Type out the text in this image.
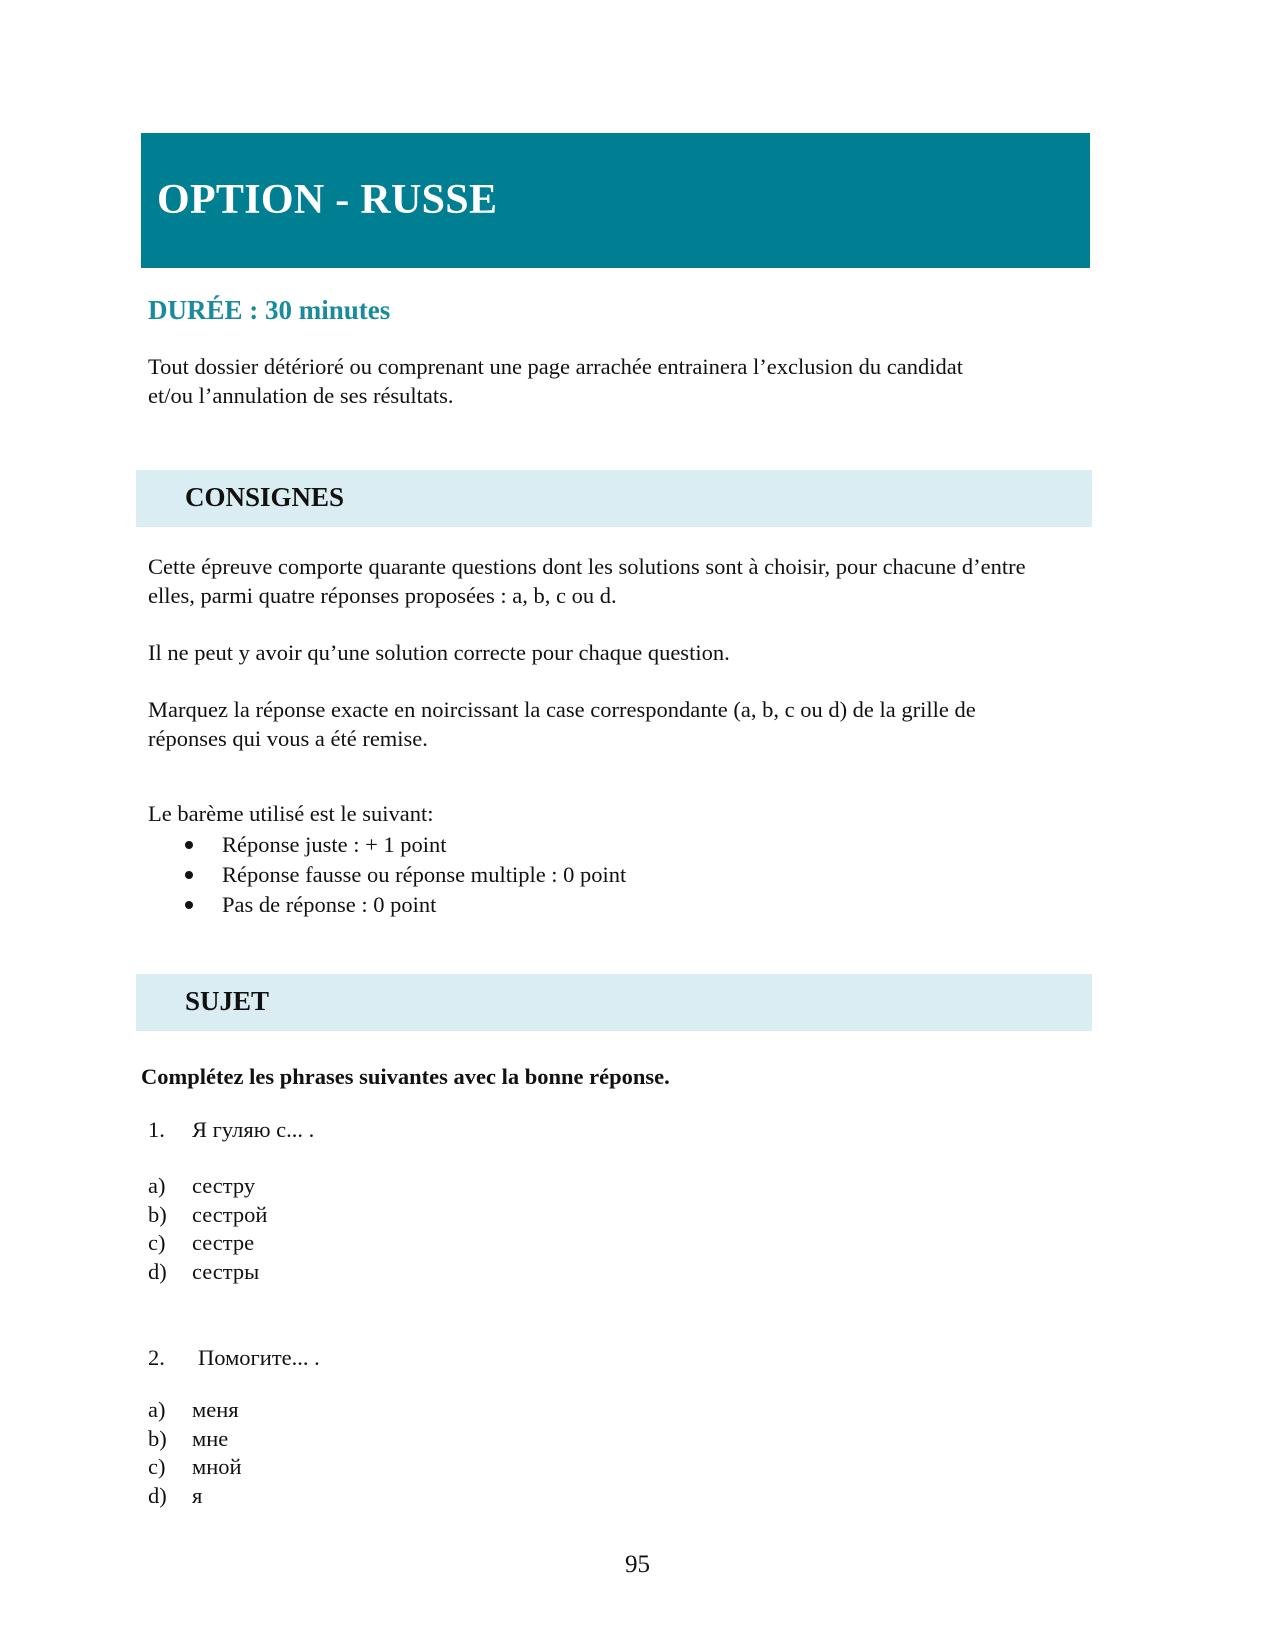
OPTION - RUSSE

DURÉE : 30 minutes

Tout dossier détérioré ou comprenant une page arrachée entrainera l’exclusion du candidat

et/ou l’annulation de ses résultats.

CONSIGNES

Cette épreuve comporte quarante questions dont les solutions sont à choisir, pour chacune d’entre

elles, parmi quatre réponses proposées : a, b, c ou d.

Il ne peut y avoir qu’une solution correcte pour chaque question.

Marquez la réponse exacte en noircissant la case correspondante (a, b, c ou d) de la grille de

réponses qui vous a été remise.

Le barème utilisé est le suivant:

Réponse juste : + 1 point
Réponse fausse ou réponse multiple : 0 point
Pas de réponse : 0 point
SUJET

Complétez les phrases suivantes avec la bonne réponse.

1. Я гуляю с... .
a) сестру
b) сестрой
c) сестре
d) сестры
2. Помогите... .
a) меня
b) мне
c) мной
d) я

95
